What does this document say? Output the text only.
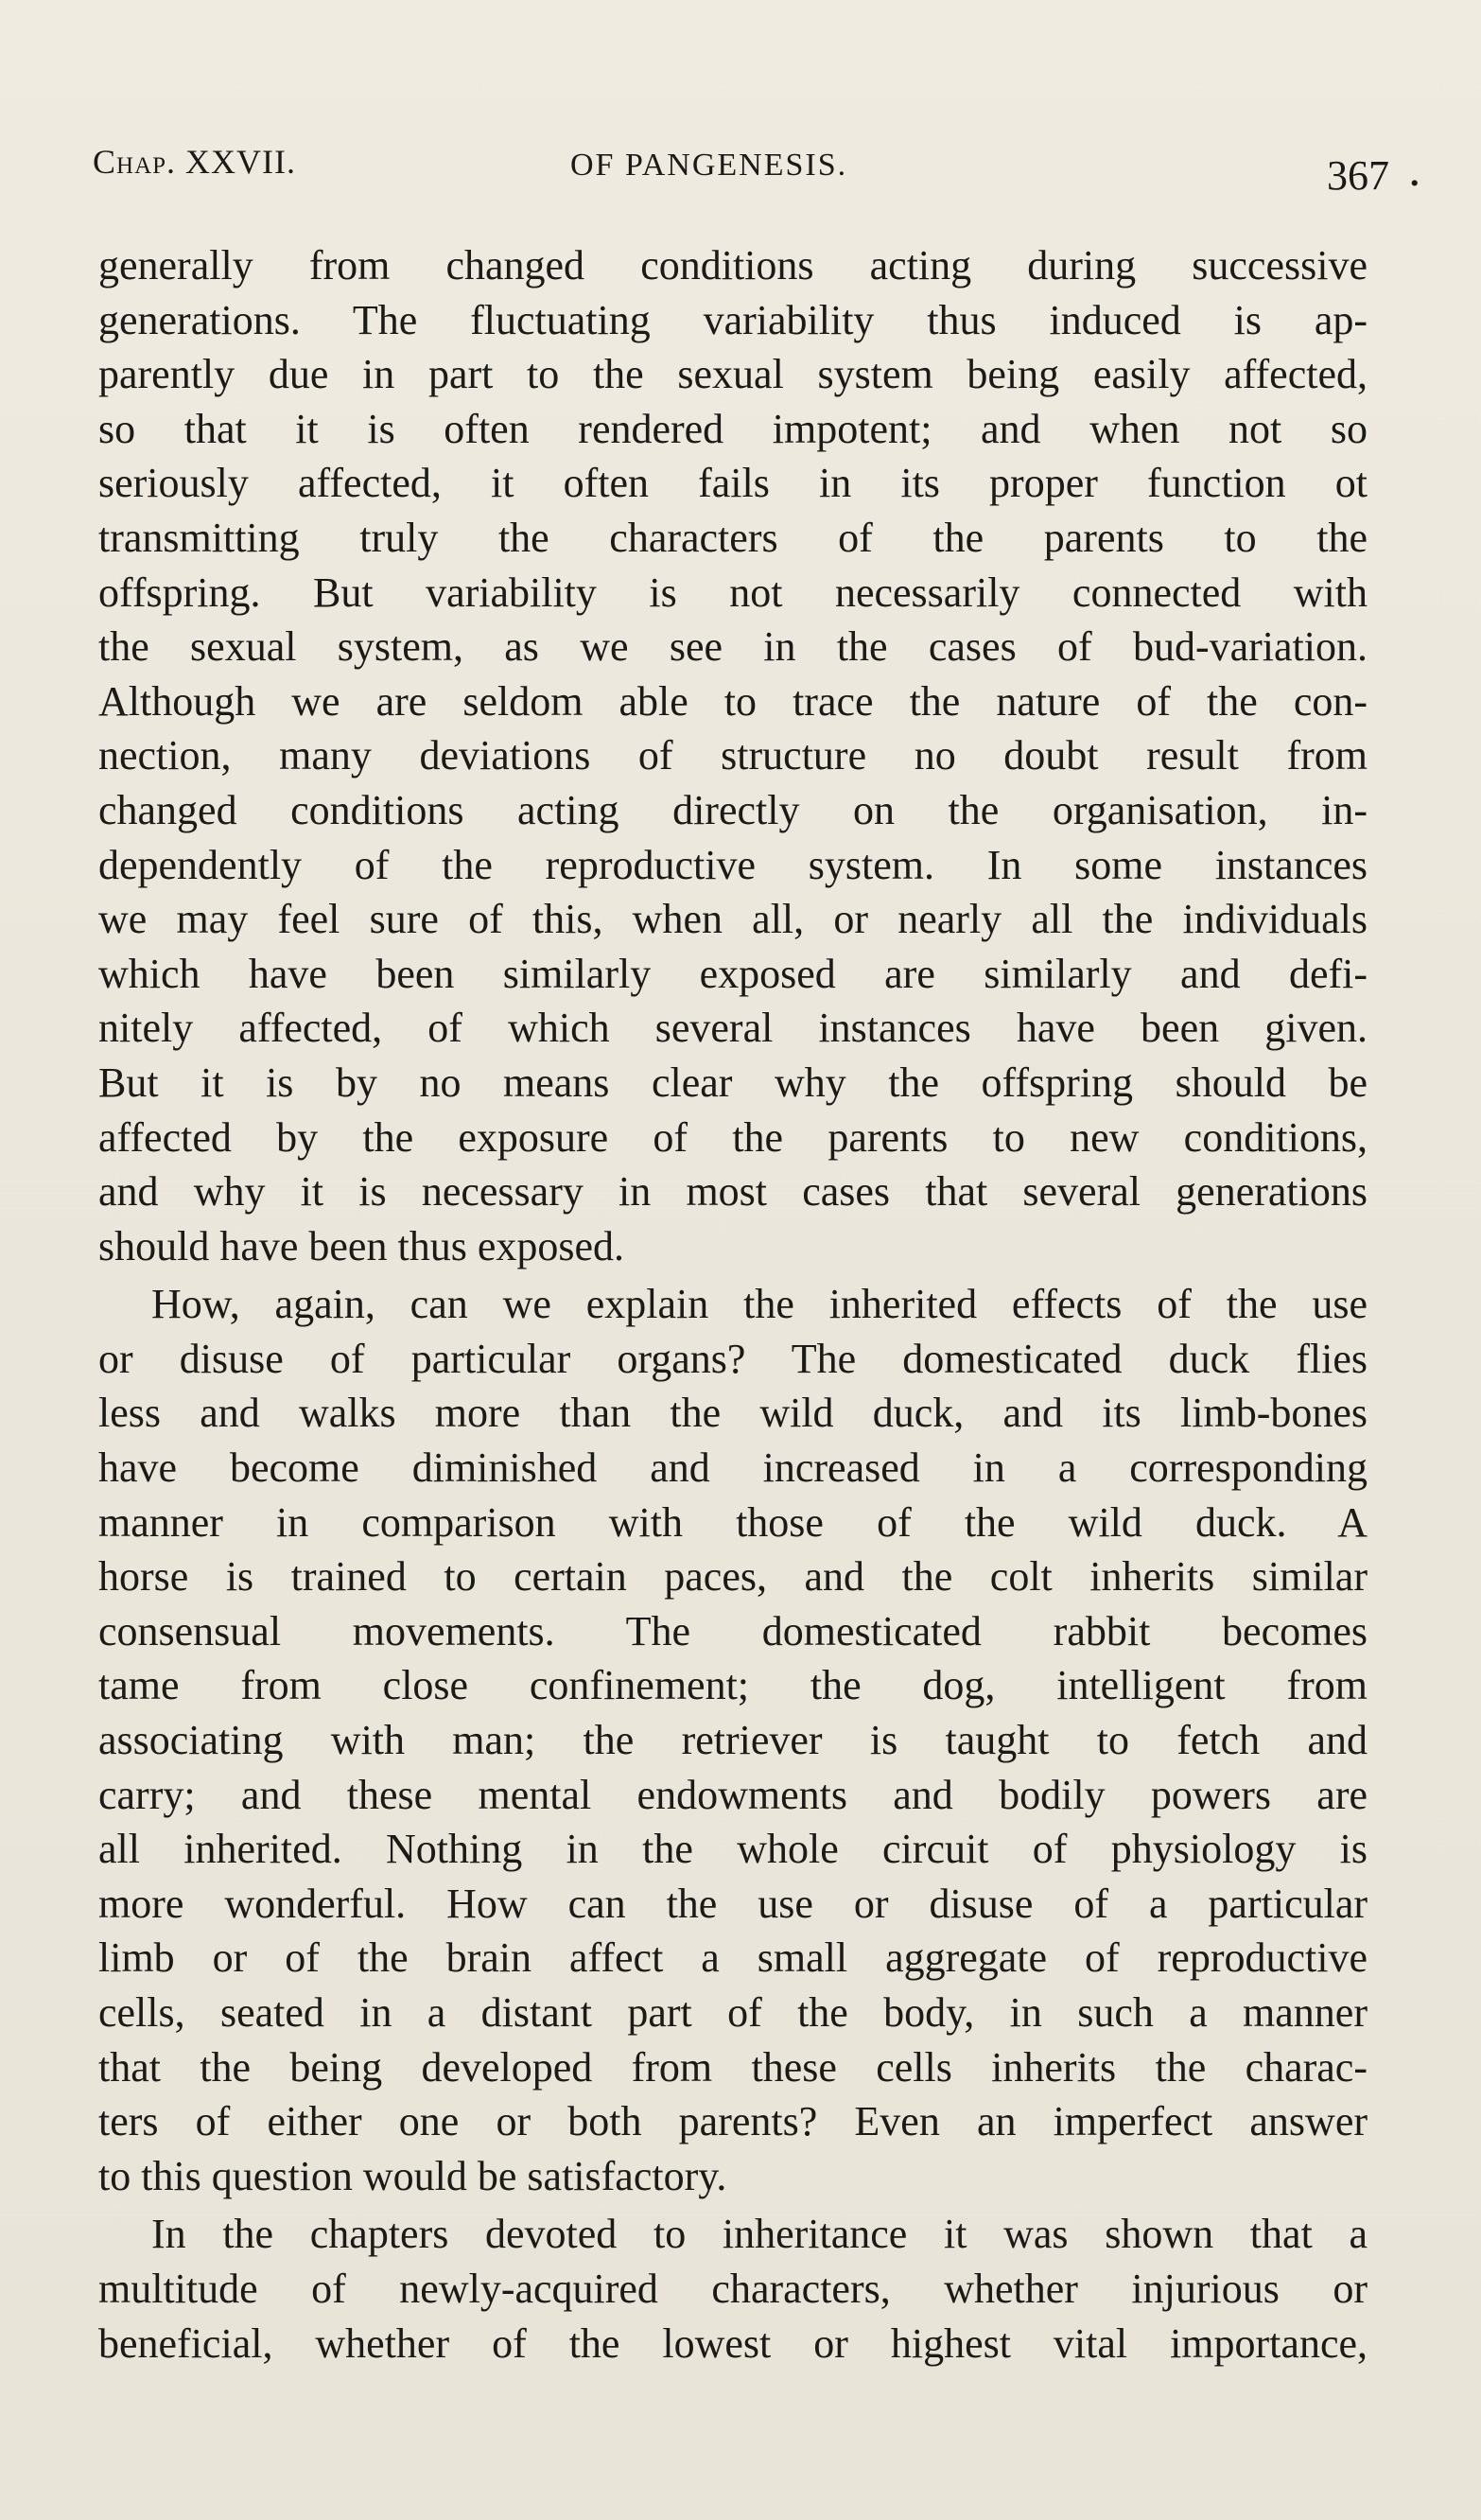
Chap. XXVII.	OF PANGENESIS.	367 .
generally from changed conditions acting during successive
generations. The fluctuating variability thus induced is ap-
parently due in part to the sexual system being easily affected,
so that it is often rendered impotent; and when not so
seriously affected, it often fails in its proper function ot
transmitting truly the characters of the parents to the
offspring. But variability is not necessarily connected with
the sexual system, as we see in the cases of bud-variation.
Although we are seldom able to trace the nature of the con-
nection, many deviations of structure no doubt result from
changed conditions acting directly on the organisation, in-
dependently of the reproductive system. In some instances
we may feel sure of this, when all, or nearly all the individuals
which have been similarly exposed are similarly and defi-
nitely affected, of which several instances have been given.
But it is by no means clear why the offspring should be
affected by the exposure of the parents to new conditions,
and why it is necessary in most cases that several generations
should have been thus exposed.
How, again, can we explain the inherited effects of the use
or disuse of particular organs? The domesticated duck flies
less and walks more than the wild duck, and its limb-bones
have become diminished and increased in a corresponding
manner in comparison with those of the wild duck. A
horse is trained to certain paces, and the colt inherits similar
consensual movements. The domesticated rabbit becomes
tame from close confinement; the dog, intelligent from
associating with man; the retriever is taught to fetch and
carry; and these mental endowments and bodily powers are
all inherited. Nothing in the whole circuit of physiology is
more wonderful. How can the use or disuse of a particular
limb or of the brain affect a small aggregate of reproductive
cells, seated in a distant part of the body, in such a manner
that the being developed from these cells inherits the charac-
ters of either one or both parents? Even an imperfect answer
to this question would be satisfactory.
In the chapters devoted to inheritance it was shown that a
multitude of newly-acquired characters, whether injurious or
beneficial, whether of the lowest or highest vital importance,
